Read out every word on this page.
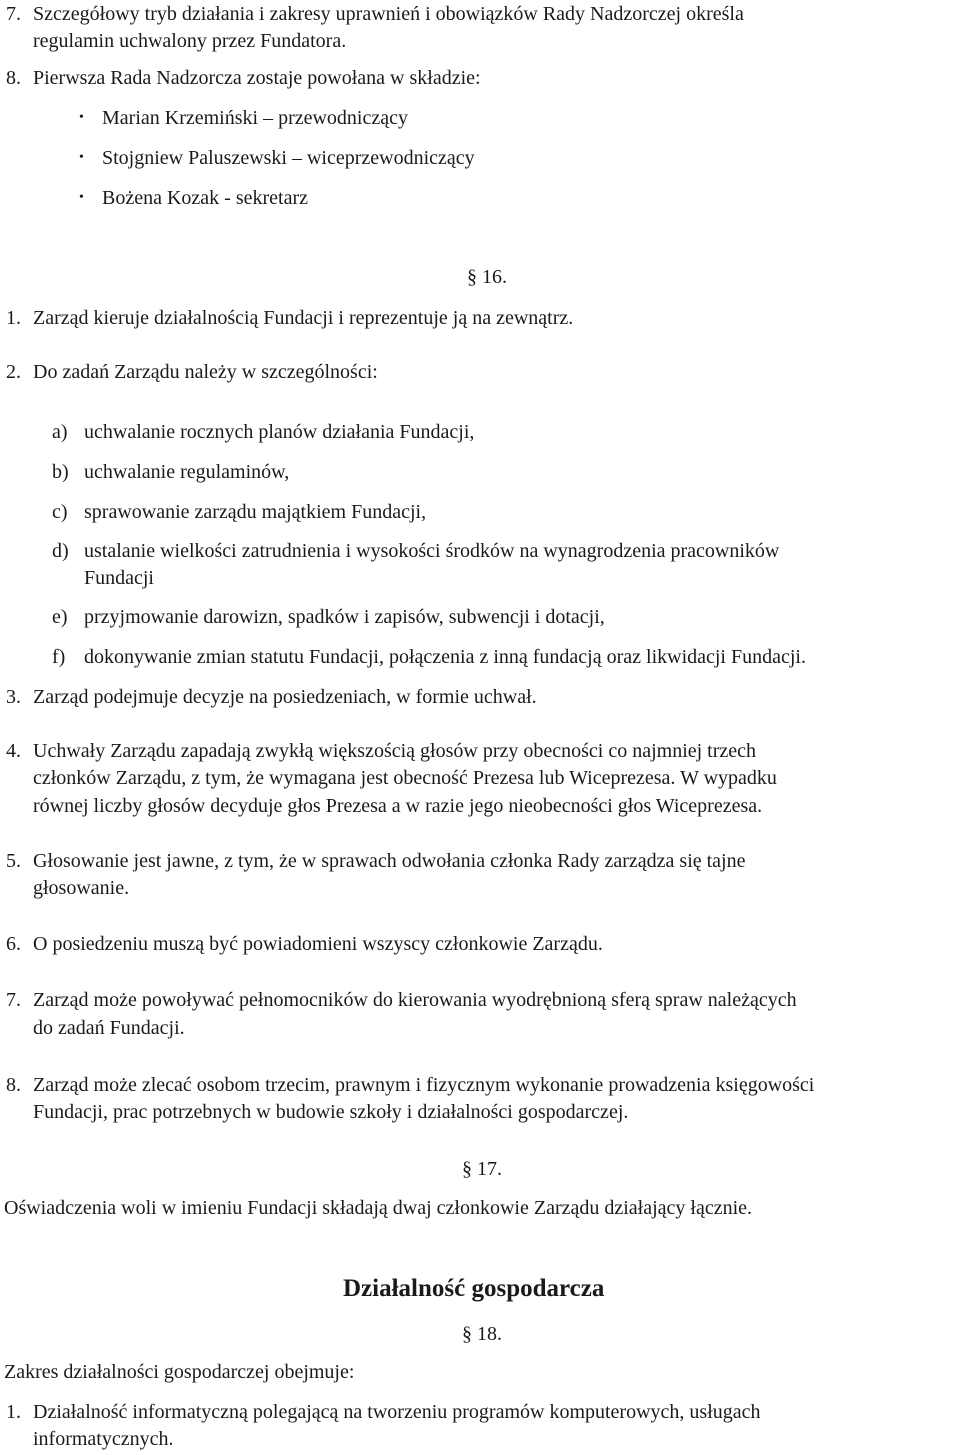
7. Szczegółowy tryb działania i zakresy uprawnień i obowiązków Rady Nadzorczej określa
regulamin uchwalony przez Fundatora.
8. Pierwsza Rada Nadzorcza zostaje powołana w składzie:
• Marian Krzemiński – przewodniczący
• Stojgniew Paluszewski – wiceprzewodniczący
• Bożena Kozak - sekretarz
§ 16.
1. Zarząd kieruje działalnością Fundacji i reprezentuje ją na zewnątrz.
2. Do zadań Zarządu należy w szczególności:
a) uchwalanie rocznych planów działania Fundacji,
b) uchwalanie regulaminów,
c) sprawowanie zarządu majątkiem Fundacji,
d) ustalanie wielkości zatrudnienia i wysokości środków na wynagrodzenia pracowników
Fundacji
e) przyjmowanie darowizn, spadków i zapisów, subwencji i dotacji,
f) dokonywanie zmian statutu Fundacji, połączenia z inną fundacją oraz likwidacji Fundacji.
3. Zarząd podejmuje decyzje na posiedzeniach, w formie uchwał.
4. Uchwały Zarządu zapadają zwykłą większością głosów przy obecności co najmniej trzech
członków Zarządu, z tym, że wymagana jest obecność Prezesa lub Wiceprezesa. W wypadku
równej liczby głosów decyduje głos Prezesa a w razie jego nieobecności głos Wiceprezesa.
5. Głosowanie jest jawne, z tym, że w sprawach odwołania członka Rady zarządza się tajne
głosowanie.
6. O posiedzeniu muszą być powiadomieni wszyscy członkowie Zarządu.
7. Zarząd może powoływać pełnomocników do kierowania wyodrębnioną sferą spraw należących
do zadań Fundacji.
8. Zarząd może zlecać osobom trzecim, prawnym i fizycznym wykonanie prowadzenia księgowości
Fundacji, prac potrzebnych w budowie szkoły i działalności gospodarczej.
§ 17.
Oświadczenia woli w imieniu Fundacji składają dwaj członkowie Zarządu działający łącznie.
Działalność gospodarcza
§ 18.
Zakres działalności gospodarczej obejmuje:
1. Działalność informatyczną polegającą na tworzeniu programów komputerowych, usługach
informatycznych.
